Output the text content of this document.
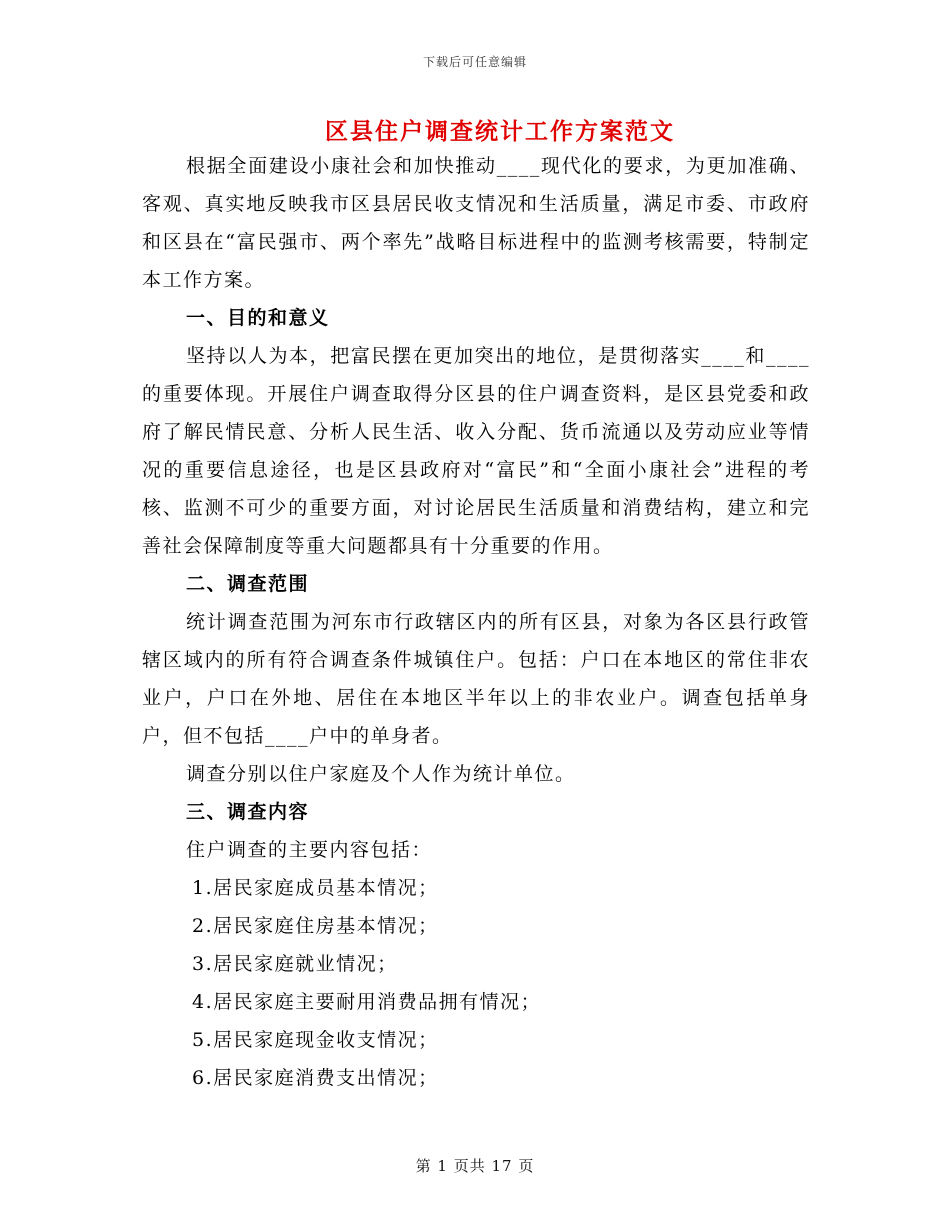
下载后可任意编辑
区县住户调查统计工作方案范文

根据全面建设小康社会和加快推动____现代化的要求，为更加准确、客观、真实地反映我市区县居民收支情况和生活质量，满足市委、市政府和区县在“富民强市、两个率先”战略目标进程中的监测考核需要，特制定本工作方案。

一、目的和意义

坚持以人为本，把富民摆在更加突出的地位，是贯彻落实____和____的重要体现。开展住户调查取得分区县的住户调查资料，是区县党委和政府了解民情民意、分析人民生活、收入分配、货币流通以及劳动应业等情况的重要信息途径，也是区县政府对“富民”和“全面小康社会”进程的考核、监测不可少的重要方面，对讨论居民生活质量和消费结构，建立和完善社会保障制度等重大问题都具有十分重要的作用。

二、调查范围

统计调查范围为河东市行政辖区内的所有区县，对象为各区县行政管辖区域内的所有符合调查条件城镇住户。包括：户口在本地区的常住非农业户，户口在外地、居住在本地区半年以上的非农业户。调查包括单身户，但不包括____户中的单身者。

调查分别以住户家庭及个人作为统计单位。

三、调查内容

住户调查的主要内容包括：

1.居民家庭成员基本情况；

2.居民家庭住房基本情况；

3.居民家庭就业情况；

4.居民家庭主要耐用消费品拥有情况；

5.居民家庭现金收支情况；

6.居民家庭消费支出情况；

第 1 页共 17 页
